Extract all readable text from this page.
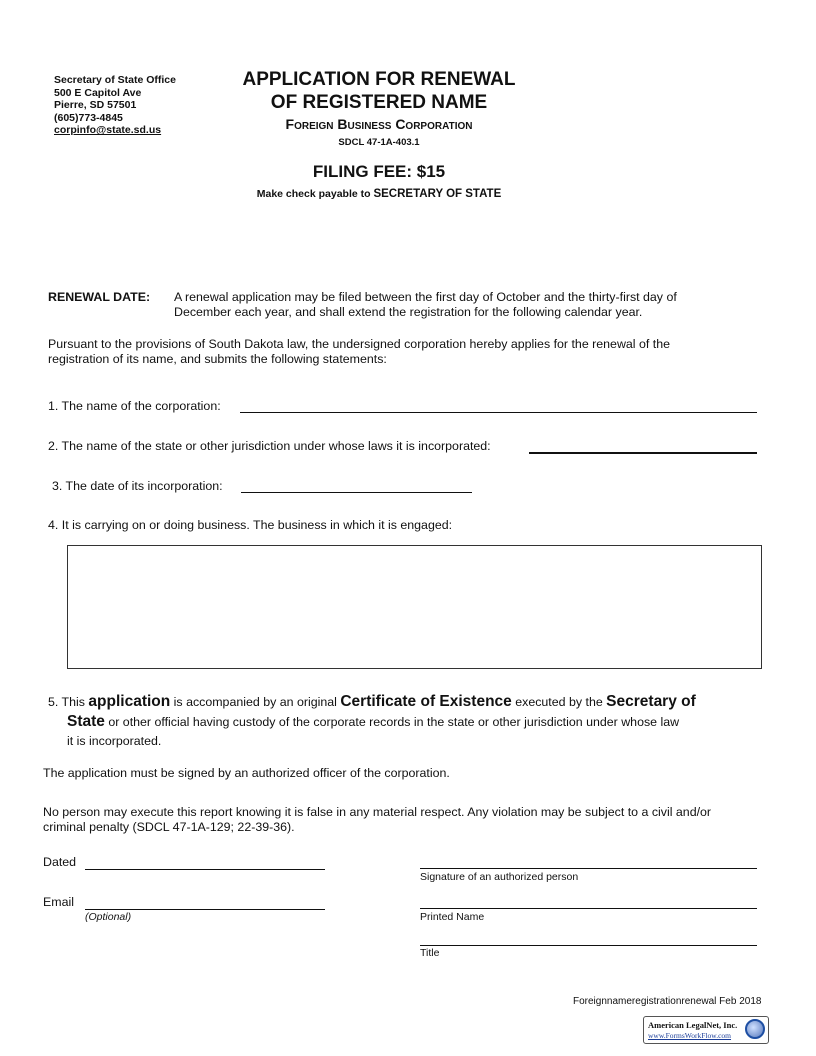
Secretary of State Office
500 E Capitol Ave
Pierre, SD 57501
(605)773-4845
corpinfo@state.sd.us
APPLICATION FOR RENEWAL
OF REGISTERED NAME
Foreign Business Corporation
SDCL 47-1A-403.1
FILING FEE: $15
Make check payable to SECRETARY OF STATE
RENEWAL DATE: A renewal application may be filed between the first day of October and the thirty-first day of
December each year, and shall extend the registration for the following calendar year.
Pursuant to the provisions of South Dakota law, the undersigned corporation hereby applies for the renewal of the
registration of its name, and submits the following statements:
1. The name of the corporation:
2. The name of the state or other jurisdiction under whose laws it is incorporated:
3. The date of its incorporation:
4. It is carrying on or doing business. The business in which it is engaged:
5. This application is accompanied by an original Certificate of Existence executed by the Secretary of
State or other official having custody of the corporate records in the state or other jurisdiction under whose law
it is incorporated.
The application must be signed by an authorized officer of the corporation.
No person may execute this report knowing it is false in any material respect. Any violation may be subject to a civil and/or
criminal penalty (SDCL 47-1A-129; 22-39-36).
Dated
Email
(Optional)
Signature of an authorized person
Printed Name
Title
Foreignnameregistrationrenewal Feb 2018
American LegalNet, Inc.
www.FormsWorkFlow.com
